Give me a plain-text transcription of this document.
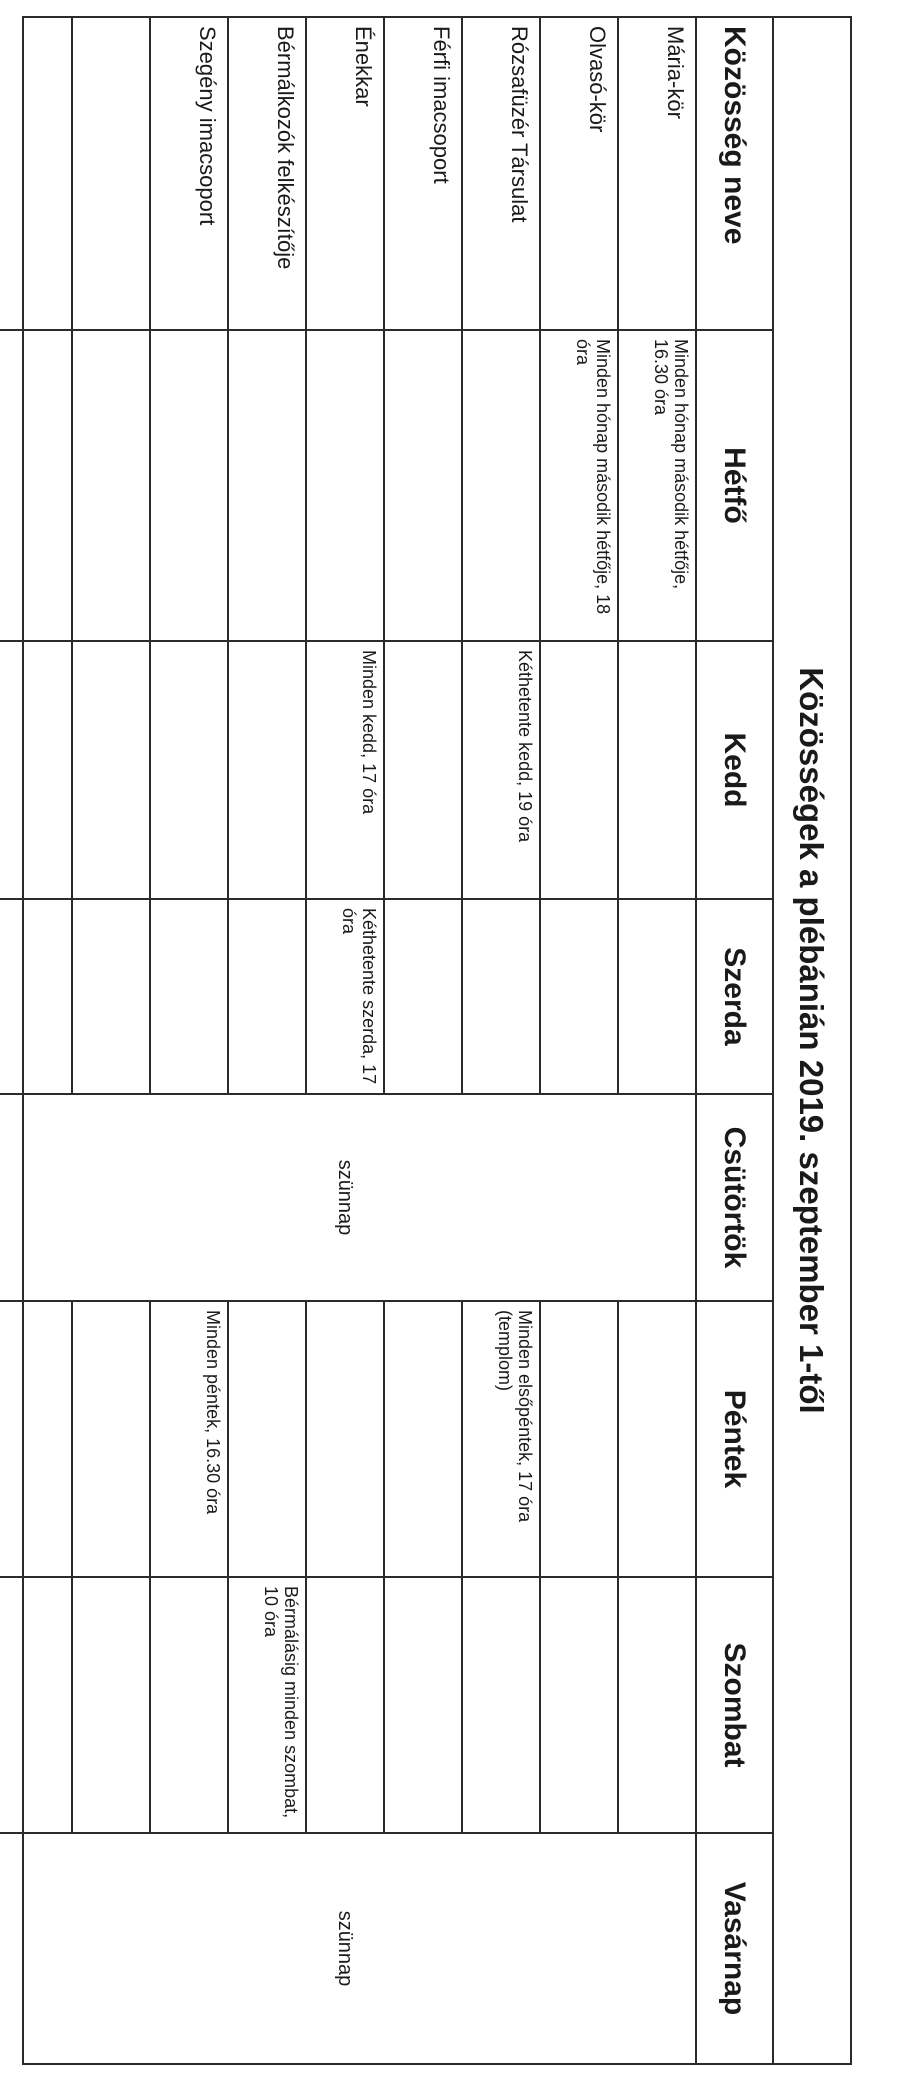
Közösségek a plébánián 2019. szeptember 1-től
Közösség neve	Hétfő	Kedd	Szerda	Csütörtök	Péntek	Szombat	Vasárnap
Mária-kör	Minden hónap második hétfője, 16.30 óra			szünnap			szünnap
Olvasó-kör	Minden hónap második hétfője, 18 óra						
Rózsafüzér Társulat		Kéthetente kedd, 19 óra			Minden elsőpéntek, 17 óra (templom)		
Férfi imacsoport							
Énekkar		Minden kedd, 17 óra	Kéthetente szerda, 17 óra				
Bérmálkozók felkészítője						Bérmálásig minden szombat, 10 óra	
Szegény imacsoport					Minden péntek, 16.30 óra		
